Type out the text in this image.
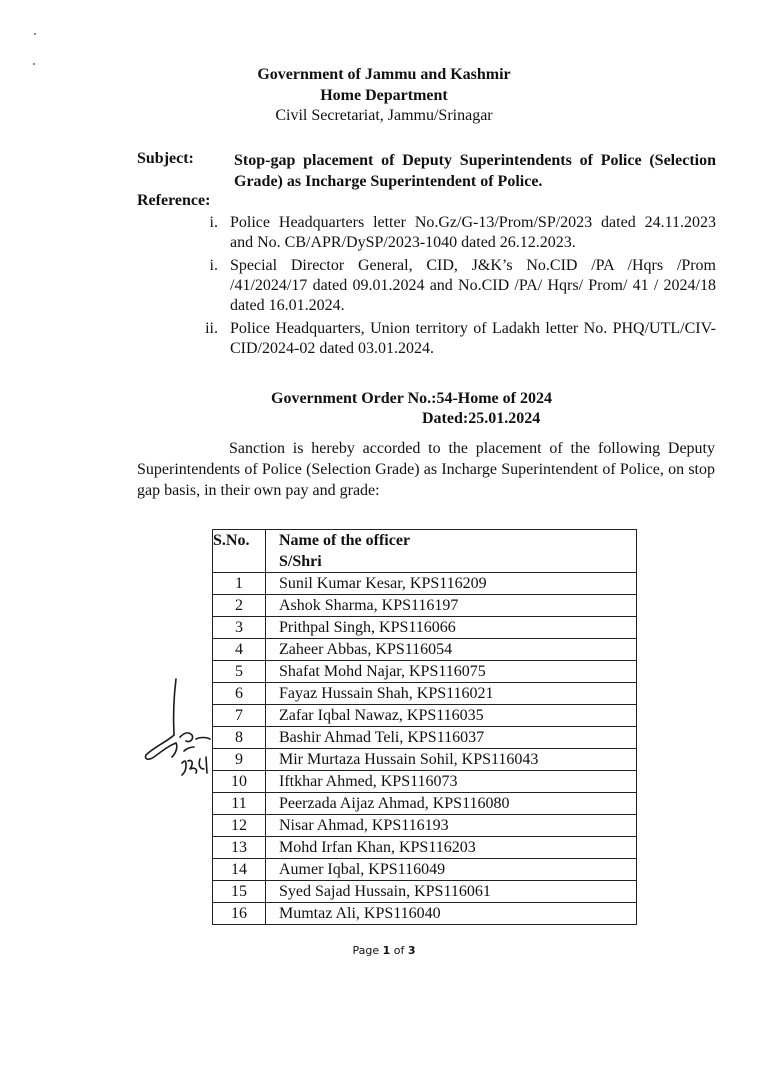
Government of Jammu and Kashmir
Home Department
Civil Secretariat, Jammu/Srinagar
Subject:	Stop-gap placement of Deputy Superintendents of Police (Selection Grade) as Incharge Superintendent of Police.
Reference:
i. Police Headquarters letter No.Gz/G-13/Prom/SP/2023 dated 24.11.2023 and No. CB/APR/DySP/2023-1040 dated 26.12.2023.
i. Special Director General, CID, J&K’s No.CID /PA /Hqrs /Prom /41/2024/17 dated 09.01.2024 and No.CID /PA/ Hqrs/ Prom/ 41 / 2024/18 dated 16.01.2024.
ii. Police Headquarters, Union territory of Ladakh letter No. PHQ/UTL/CIV-CID/2024-02 dated 03.01.2024.
Government Order No.:54-Home of 2024
Dated:25.01.2024
Sanction is hereby accorded to the placement of the following Deputy Superintendents of Police (Selection Grade) as Incharge Superintendent of Police, on stop gap basis, in their own pay and grade:
S.No.	Name of the officer
S/Shri

1	Sunil Kumar Kesar, KPS116209
2	Ashok Sharma, KPS116197
3	Prithpal Singh, KPS116066
4	Zaheer Abbas, KPS116054
5	Shafat Mohd Najar, KPS116075
6	Fayaz Hussain Shah, KPS116021
7	Zafar Iqbal Nawaz, KPS116035
8	Bashir Ahmad Teli, KPS116037
9	Mir Murtaza Hussain Sohil, KPS116043
10	Iftkhar Ahmed, KPS116073
11	Peerzada Aijaz Ahmad, KPS116080
12	Nisar Ahmad, KPS116193
13	Mohd Irfan Khan, KPS116203
14	Aumer Iqbal, KPS116049
15	Syed Sajad Hussain, KPS116061
16	Mumtaz Ali, KPS116040
Page 1 of 3
